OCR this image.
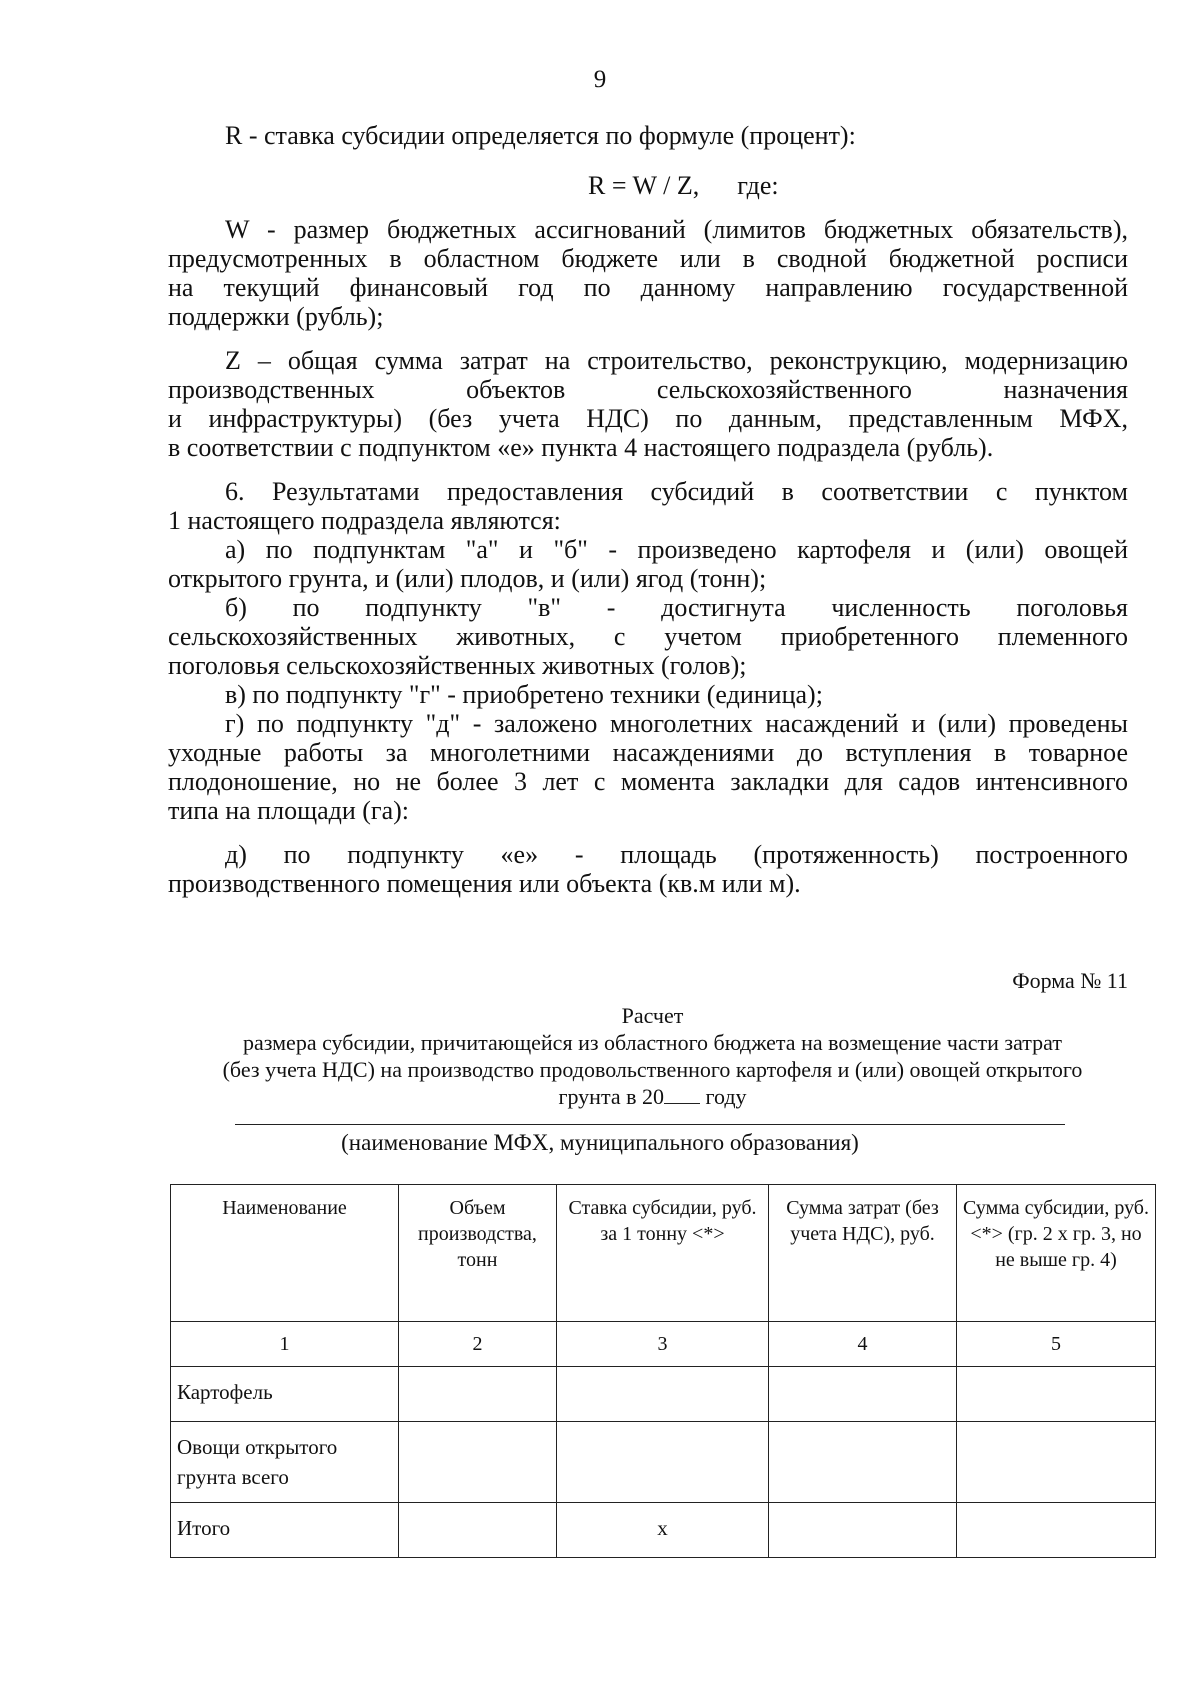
9
R - ставка субсидии определяется по формуле (процент):
R = W / Z, где:
W - размер бюджетных ассигнований (лимитов бюджетных обязательств),
предусмотренных в областном бюджете или в сводной бюджетной росписи
на текущий финансовый год по данному направлению государственной
поддержки (рубль);
Z – общая сумма затрат на строительство, реконструкцию, модернизацию
производственных объектов сельскохозяйственного назначения
и инфраструктуры) (без учета НДС) по данным, представленным МФХ,
в соответствии с подпунктом «е» пункта 4 настоящего подраздела (рубль).
6. Результатами предоставления субсидий в соответствии с пунктом
1 настоящего подраздела являются:
а) по подпунктам "а" и "б" - произведено картофеля и (или) овощей
открытого грунта, и (или) плодов, и (или) ягод (тонн);
б) по подпункту "в" - достигнута численность поголовья
сельскохозяйственных животных, с учетом приобретенного племенного
поголовья сельскохозяйственных животных (голов);
в) по подпункту "г" - приобретено техники (единица);
г) по подпункту "д" - заложено многолетних насаждений и (или) проведены
уходные работы за многолетними насаждениями до вступления в товарное
плодоношение, но не более 3 лет с момента закладки для садов интенсивного
типа на площади (га):
д) по подпункту «е» - площадь (протяженность) построенного
производственного помещения или объекта (кв.м или м).
Форма № 11
Расчет
размера субсидии, причитающейся из областного бюджета на возмещение части затрат
(без учета НДС) на производство продовольственного картофеля и (или) овощей открытого
грунта в 20 году
(наименование МФХ, муниципального образования)
Наименование	Объем производства, тонн	Ставка субсидии, руб. за 1 тонну <*>	Сумма затрат (без учета НДС), руб.	Сумма субсидии, руб. <*> (гр. 2 x гр. 3, но не выше гр. 4)
1	2	3	4	5
Картофель				
Овощи открытого грунта всего				
Итого		x		
